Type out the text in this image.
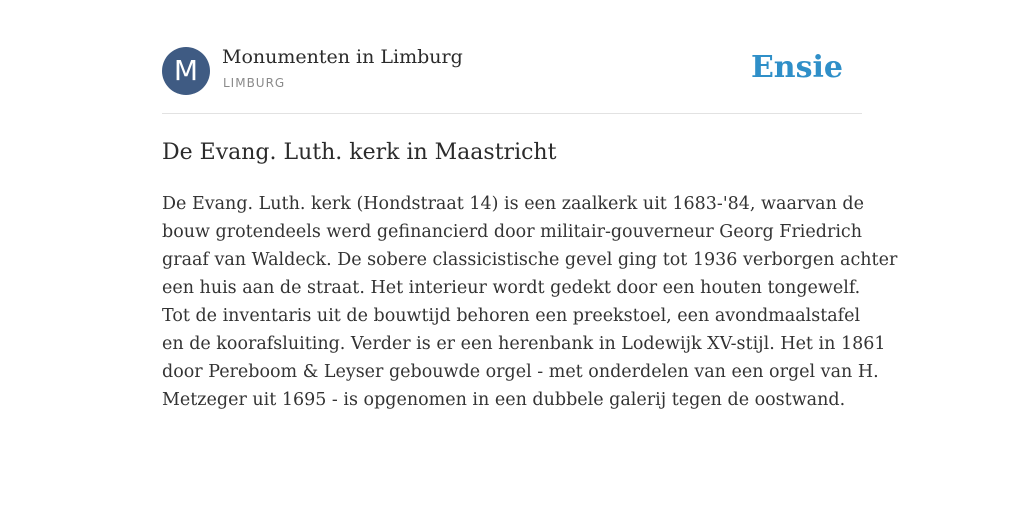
M	Monumenten in Limburg
LIMBURG	Ensie
De Evang. Luth. kerk in Maastricht

De Evang. Luth. kerk (Hondstraat 14) is een zaalkerk uit 1683-'84, waarvan de
bouw grotendeels werd gefinancierd door militair-gouverneur Georg Friedrich
graaf van Waldeck. De sobere classicistische gevel ging tot 1936 verborgen achter
een huis aan de straat. Het interieur wordt gedekt door een houten tongewelf.
Tot de inventaris uit de bouwtijd behoren een preekstoel, een avondmaalstafel
en de koorafsluiting. Verder is er een herenbank in Lodewijk XV-stijl. Het in 1861
door Pereboom & Leyser gebouwde orgel - met onderdelen van een orgel van H.
Metzeger uit 1695 - is opgenomen in een dubbele galerij tegen de oostwand.
